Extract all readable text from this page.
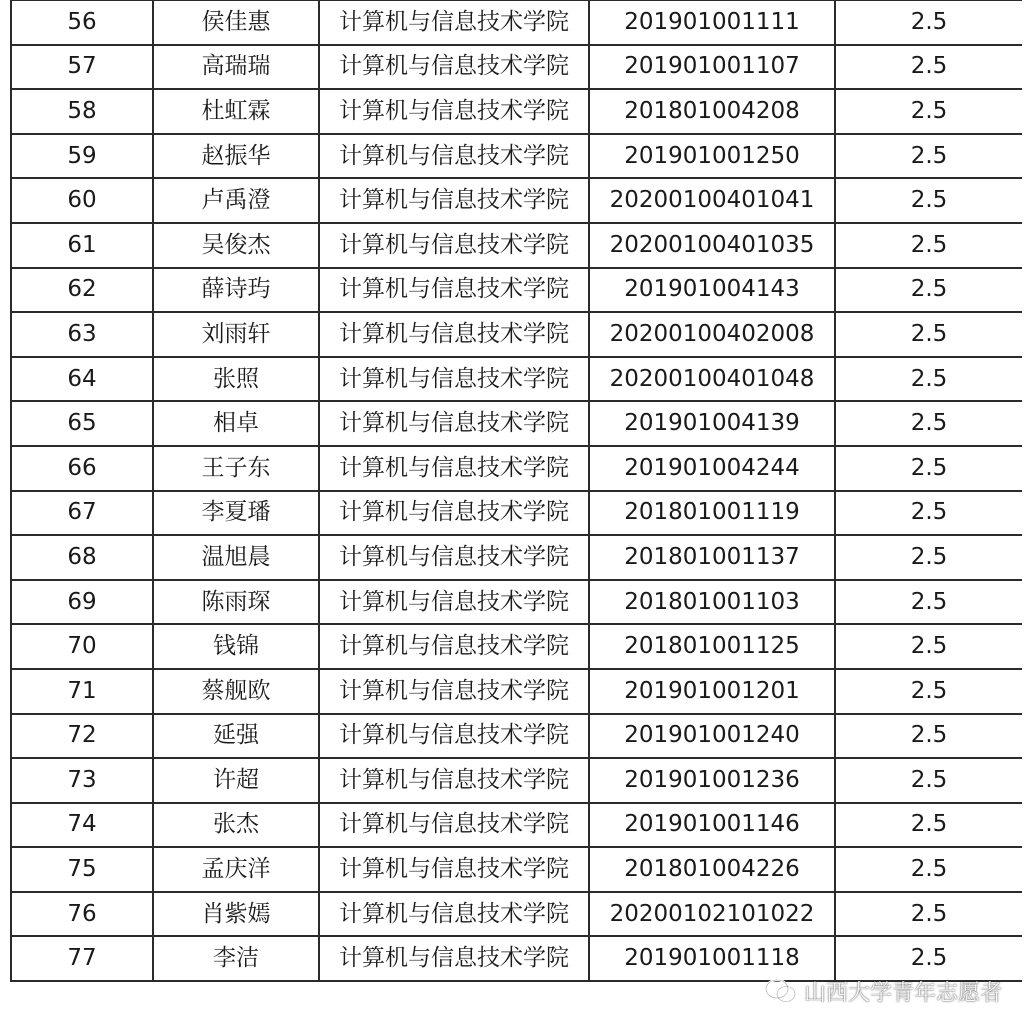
56	侯佳惠	计算机与信息技术学院	201901001111	2.5
57	高瑞瑞	计算机与信息技术学院	201901001107	2.5
58	杜虹霖	计算机与信息技术学院	201801004208	2.5
59	赵振华	计算机与信息技术学院	201901001250	2.5
60	卢禹澄	计算机与信息技术学院	20200100401041	2.5
61	吴俊杰	计算机与信息技术学院	20200100401035	2.5
62	薛诗玙	计算机与信息技术学院	201901004143	2.5
63	刘雨轩	计算机与信息技术学院	20200100402008	2.5
64	张照	计算机与信息技术学院	20200100401048	2.5
65	相卓	计算机与信息技术学院	201901004139	2.5
66	王子东	计算机与信息技术学院	201901004244	2.5
67	李夏璠	计算机与信息技术学院	201801001119	2.5
68	温旭晨	计算机与信息技术学院	201801001137	2.5
69	陈雨琛	计算机与信息技术学院	201801001103	2.5
70	钱锦	计算机与信息技术学院	201801001125	2.5
71	蔡舰欧	计算机与信息技术学院	201901001201	2.5
72	延强	计算机与信息技术学院	201901001240	2.5
73	许超	计算机与信息技术学院	201901001236	2.5
74	张杰	计算机与信息技术学院	201901001146	2.5
75	孟庆洋	计算机与信息技术学院	201801004226	2.5
76	肖紫嫣	计算机与信息技术学院	20200102101022	2.5
77	李洁	计算机与信息技术学院	201901001118	2.5
山西大学青年志愿者
